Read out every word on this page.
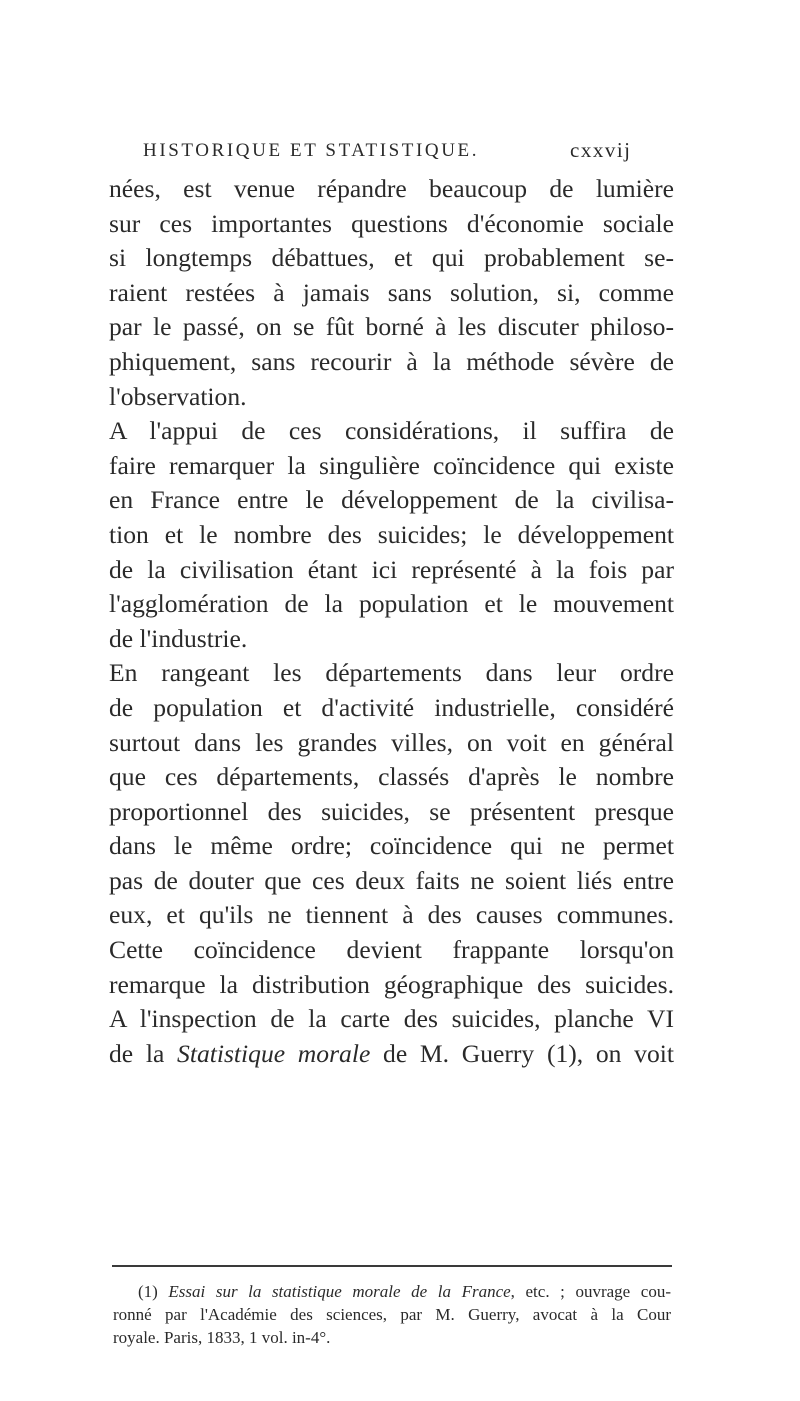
HISTORIQUE ET STATISTIQUE.	cxxvij
nées, est venue répandre beaucoup de lumière
sur ces importantes questions d'économie sociale
si longtemps débattues, et qui probablement se-
raient restées à jamais sans solution, si, comme
par le passé, on se fût borné à les discuter philoso-
phiquement, sans recourir à la méthode sévère de
l'observation.
A l'appui de ces considérations, il suffira de
faire remarquer la singulière coïncidence qui existe
en France entre le développement de la civilisa-
tion et le nombre des suicides; le développement
de la civilisation étant ici représenté à la fois par
l'agglomération de la population et le mouvement
de l'industrie.
En rangeant les départements dans leur ordre
de population et d'activité industrielle, considéré
surtout dans les grandes villes, on voit en général
que ces départements, classés d'après le nombre
proportionnel des suicides, se présentent presque
dans le même ordre; coïncidence qui ne permet
pas de douter que ces deux faits ne soient liés entre
eux, et qu'ils ne tiennent à des causes communes.
Cette coïncidence devient frappante lorsqu'on
remarque la distribution géographique des suicides.
A l'inspection de la carte des suicides, planche VI
de la Statistique morale de M. Guerry (1), on voit
(1) Essai sur la statistique morale de la France, etc. ; ouvrage cou-
ronné par l'Académie des sciences, par M. Guerry, avocat à la Cour
royale. Paris, 1833, 1 vol. in-4°.
